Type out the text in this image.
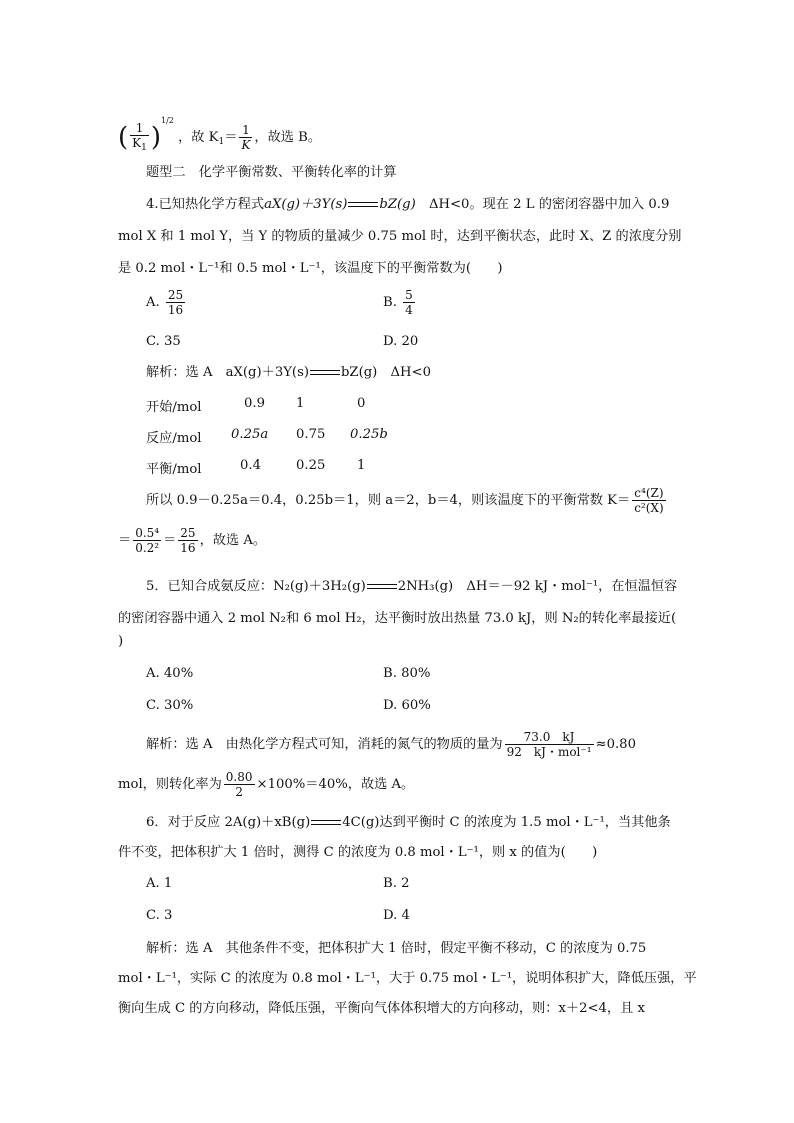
( $\frac{1}{K_1} )^{1/2}$ ，故 $K_1= \frac{1}{K}$ ，故选 B。
题型二　化学平衡常数、平衡转化率的计算
4.已知热化学方程式aX(g)＋3Y(s) bZ(g)　ΔH<0。现在 2 L 的密闭容器中加入 0.9
mol X 和 1 mol Y，当 Y 的物质的量减少 0.75 mol 时，达到平衡状态，此时 X、Z 的浓度分别
是 0.2 mol・L⁻¹和 0.5 mol・L⁻¹，该温度下的平衡常数为(　　)
A. $\frac{25}{16}$	B. $\frac{5}{4}$
C. 35	D. 20
解析：选 A　aX(g)＋3Y(s) bZ(g)　ΔH<0
开始/mol	0.9 1	0
反应/mol 0.25a 0.75 0.25b
平衡/mol	0.4	0.25 1
所以 0.9－0.25a＝0.4，0.25b＝1，则 a＝2，b＝4，则该温度下的平衡常数 $K= \frac{\text{c⁴(Z)}}{\text{c²(X)}}$
＝ $\frac{\text{0.5⁴}}{\text{0.2²}} = \frac{25}{16}$ ，故选 A。
5．已知合成氨反应：N₂(g)＋3H₂(g) 2NH₃(g)　ΔH＝－92 kJ・mol⁻¹，在恒温恒容
的密闭容器中通入 2 mol N₂和 6 mol H₂，达平衡时放出热量 73.0 kJ，则 N₂的转化率最接近(
)
A. 40%	B. 80%
C. 30%	D. 60%
解析：选 A　由热化学方程式可知，消耗的氮气的物质的量为 $\frac{73.0 kJ}{\text{92　kJ・mol⁻¹}} \approx 0.80$
mol，则转化率为 $\frac{0.80}{2} \times 100\%=40\%$，故选 A。
6．对于反应 2A(g)＋xB(g) 4C(g)达到平衡时 C 的浓度为 1.5 mol・L⁻¹，当其他条
件不变，把体积扩大 1 倍时，测得 C 的浓度为 0.8 mol・L⁻¹，则 x 的值为(　　)
A. 1	B. 2
C. 3	D. 4
解析：选 A　其他条件不变，把体积扩大 1 倍时，假定平衡不移动，C 的浓度为 0.75
mol・L⁻¹，实际 C 的浓度为 0.8 mol・L⁻¹，大于 0.75 mol・L⁻¹，说明体积扩大，降低压强，平
衡向生成 C 的方向移动，降低压强，平衡向气体体积增大的方向移动，则：x＋2<4，且 x
